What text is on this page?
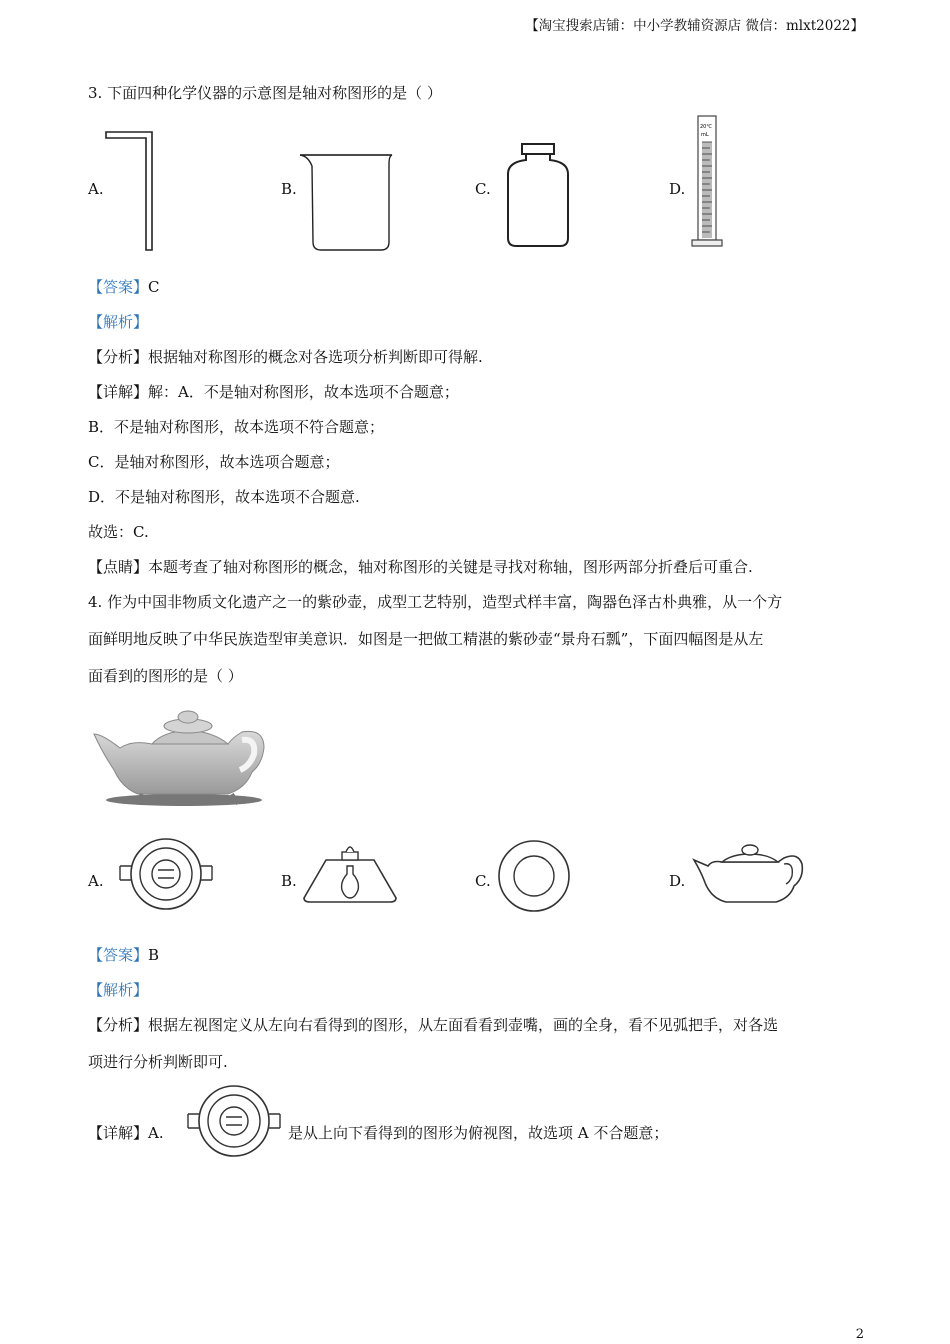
【淘宝搜索店铺：中小学教辅资源店 微信：mlxt2022】
3. 下面四种化学仪器的示意图是轴对称图形的是（ ）
A.	B.	C.	D.
20℃
mL
【答案】C
【解析】
【分析】根据轴对称图形的概念对各选项分析判断即可得解.
【详解】解：A．不是轴对称图形，故本选项不合题意；
B．不是轴对称图形，故本选项不符合题意；
C．是轴对称图形，故本选项合题意；
D．不是轴对称图形，故本选项不合题意.
故选：C.
【点睛】本题考查了轴对称图形的概念，轴对称图形的关键是寻找对称轴，图形两部分折叠后可重合.
4. 作为中国非物质文化遗产之一的紫砂壶，成型工艺特别，造型式样丰富，陶器色泽古朴典雅，从一个方
面鲜明地反映了中华民族造型审美意识．如图是一把做工精湛的紫砂壶“景舟石瓢”，下面四幅图是从左
面看到的图形的是（ ）
A.	B.	C.	D.
【答案】B
【解析】
【分析】根据左视图定义从左向右看得到的图形，从左面看看到壶嘴，画的全身，看不见弧把手，对各选
项进行分析判断即可.
【详解】A.	是从上向下看得到的图形为俯视图，故选项 A 不合题意；
2
